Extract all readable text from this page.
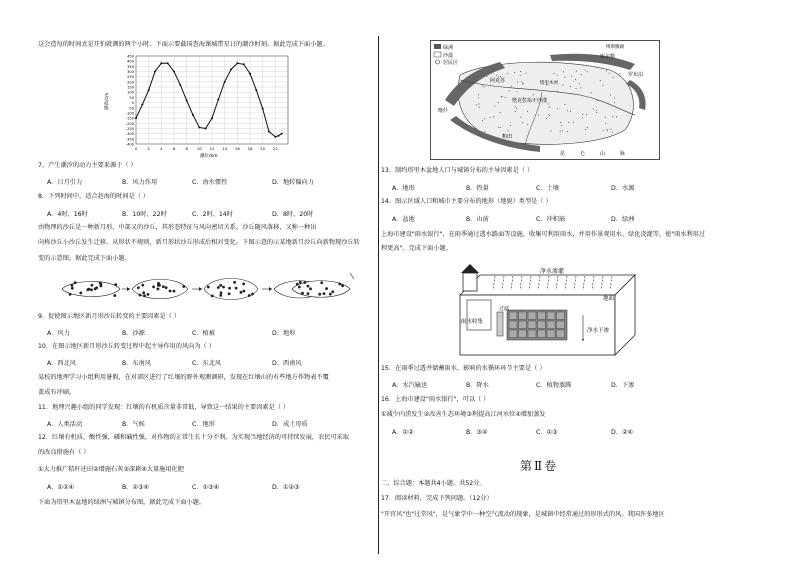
这会造每的时间式是开怕就测的两个小时。下面示要截国查海课城带星日的潮沙时刻。据此完成下面小题。
450
400
350
300
250
200
150
100
50
0
-50
-100
-150
-200
-250
-300
-350
-400
0	2	4	6	8 10 12 14 16 18 20 22
潮高/cm
潮位/km
7、产生潮汐的动力主要来源于（ ）
A．日月引力	B．风力作用	C．海水惯性	D．地转偏向力
8．下列时间中，适合赶海的时间是（ ）
A．4时、16时	B．10时、22时	C．2时、14时	D．8时、20时
由物理的沙丘是一种新月形，中部又的沙丘，其形态特征与风向密切关系。沙丘随风落移，又称一种出
向称沙丘小沙丘发生迁移，从形状不规则，新月形状沙丘形成后相对变化。下图示意的示某地新月沙丘向新物现沙丘转
变的示意图。据此完成下面小题。
9．促使图示地区新月形沙丘转变的主要因素是（ ）
A．风力	B．沙源	C．植被	D．地形
10．在图示地区新月形沙丘转变过程中起主导作用的风向为（ ）
A．西北风	B．东南风	C．东北风	D．西南风
某校的地理学习小组利用暑假，在对郊区进行了红壤的野外观测调研，发现在红壤山的有些地方作物表不覆
盖成有冲刷。
11．地理兴趣小组的同学发现：红壤的有机质含量非常低，导致这一结果的主要因素是（ ）
A．人类活动	B．气候	C．地形	D．成土母质
12．红壤有机质，酸性强，磷和碱性强，对作物的正常生长十分不利。为实现当地经济的可持续发展，农民可采取
的改良措施有（ ）
①大力推广秸秆还田②增施石灰③深耕④大量施用化肥
A．①②④	B．②③④	C．①③④	D．①②③
下面为塔里木盆地的绿洲与城镇分布图。据此完成下面小题。
绿洲
沙漠
居民区
阿克苏
库尔勒
喀什
和田
罗布泊
塔克拉玛干沙漠
昆	仑	山	脉
塔里木河
博斯腾湖
13．制约塔里木盆地人口与城镇分布的主导因素是（ ）
A．地形	B．热量	C．土壤	D．水源
14．图示区域人口和城市主要分布的地形（地貌）类型是（ ）
A．盆地	B．山前	C．冲积扇	D．绿洲
上海市建设"雨水银行"，在雨季通过透水路面等设施，收集可利用雨水，并用作景观用水、绿化浇灌等，使"雨水利用过
程更高"。完成下面小题。
净水渗灌
地面
雨水收集
过滤
净水下渗
15．在雨季过透井储蓄雨水，影响的水循环环节主要是（ ）
A．水汽输送	B．降水	C．植物蒸腾	D．下渗
16．上海市建设"雨水银行"，可以（ ）
①减少内涝发生②改善生态环境③利提高江河水位④增加蒸发
A．①②	B．③④	C．①③	D．②④
第Ⅱ卷
二、综合题：本题共4小题，共52分。
17．阅读材料，完成下列问题。（12分）
"开官风"也"过堂风"，是气象学中一种空气流动的现象，是城镇中经常通过的形形式的风。我国许多地区
